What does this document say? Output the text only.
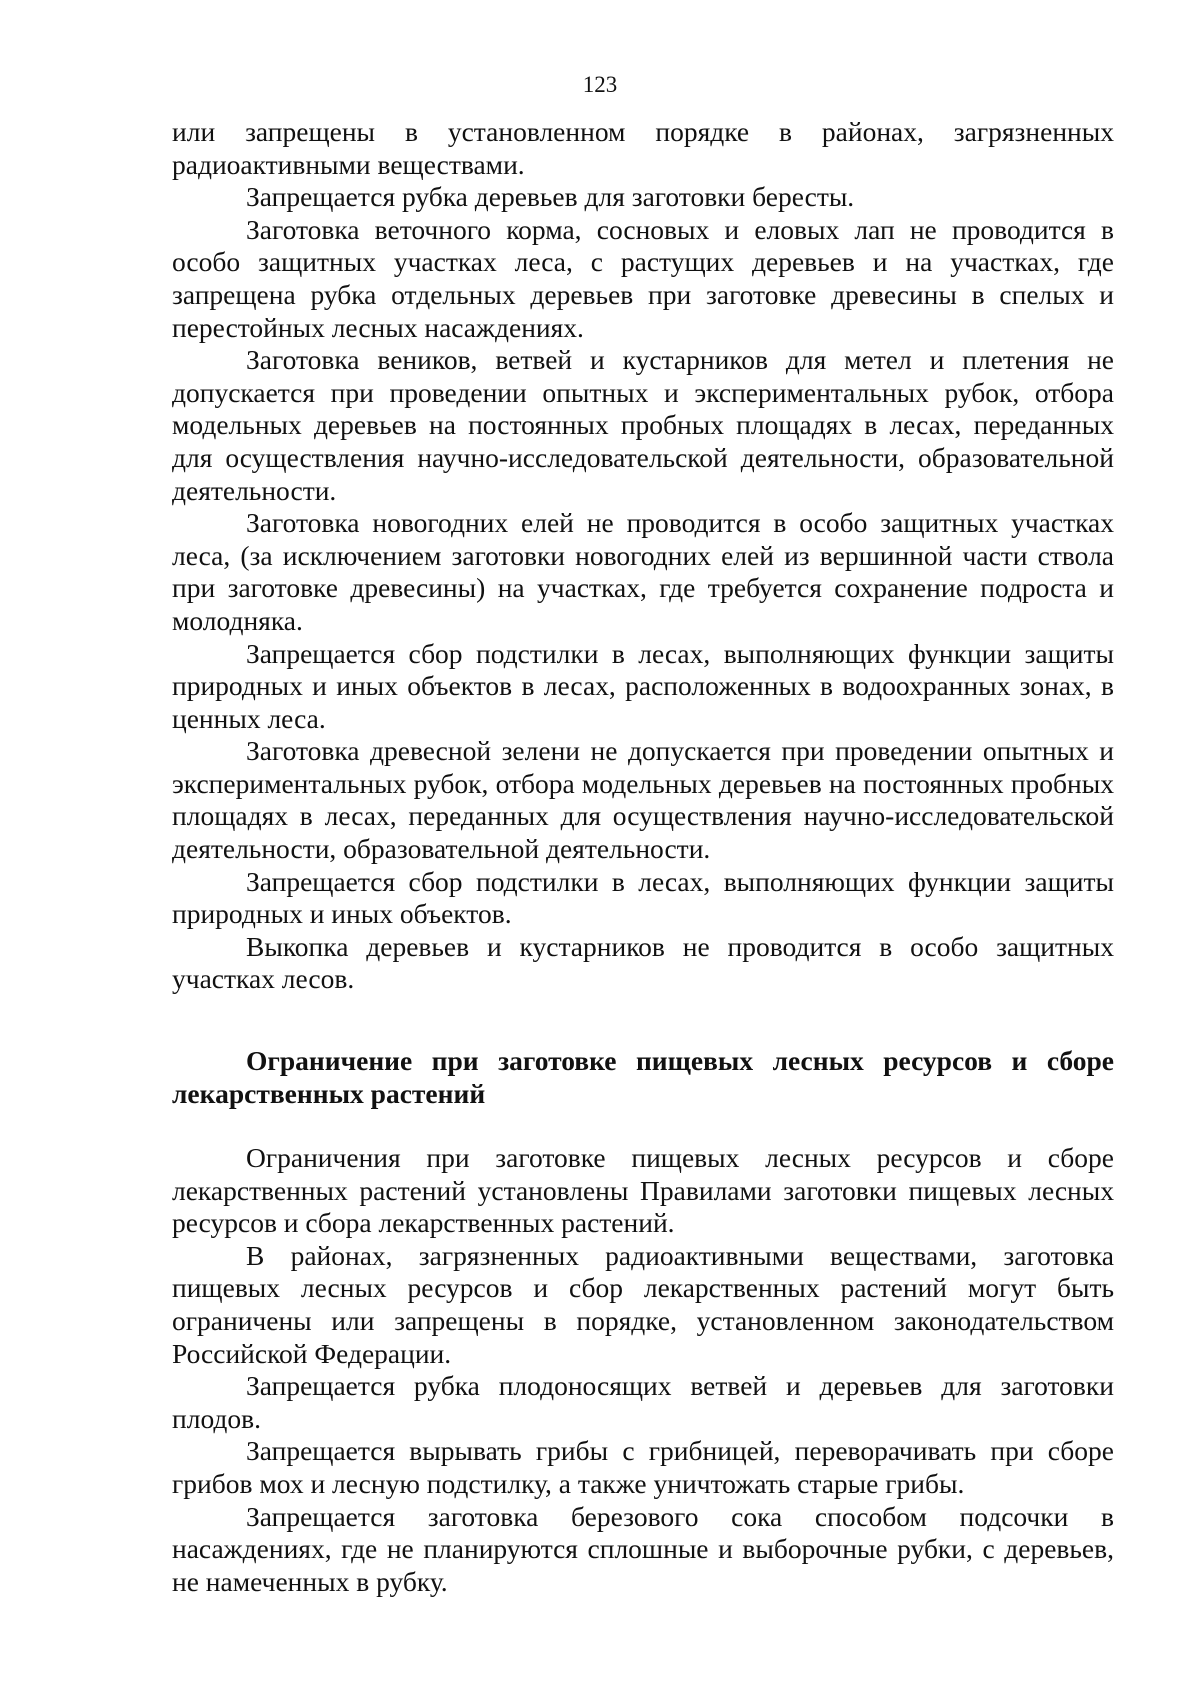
123

или запрещены в установленном порядке в районах, загрязненных радиоактивными веществами.

Запрещается рубка деревьев для заготовки бересты.

Заготовка веточного корма, сосновых и еловых лап не проводится в особо защитных участках леса, с растущих деревьев и на участках, где запрещена рубка отдельных деревьев при заготовке древесины в спелых и перестойных лесных насаждениях.

Заготовка веников, ветвей и кустарников для метел и плетения не допускается при проведении опытных и экспериментальных рубок, отбора модельных деревьев на постоянных пробных площадях в лесах, переданных для осуществления научно-исследовательской деятельности, образовательной деятельности.

Заготовка новогодних елей не проводится в особо защитных участках леса, (за исключением заготовки новогодних елей из вершинной части ствола при заготовке древесины) на участках, где требуется сохранение подроста и молодняка.

Запрещается сбор подстилки в лесах, выполняющих функции защиты природных и иных объектов в лесах, расположенных в водоохранных зонах, в ценных леса.

Заготовка древесной зелени не допускается при проведении опытных и экспериментальных рубок, отбора модельных деревьев на постоянных пробных площадях в лесах, переданных для осуществления научно-исследовательской деятельности, образовательной деятельности.

Запрещается сбор подстилки в лесах, выполняющих функции защиты природных и иных объектов.

Выкопка деревьев и кустарников не проводится в особо защитных участках лесов.

Ограничение при заготовке пищевых лесных ресурсов и сборе лекарственных растений

Ограничения при заготовке пищевых лесных ресурсов и сборе лекарственных растений установлены Правилами заготовки пищевых лесных ресурсов и сбора лекарственных растений.

В районах, загрязненных радиоактивными веществами, заготовка пищевых лесных ресурсов и сбор лекарственных растений могут быть ограничены или запрещены в порядке, установленном законодательством Российской Федерации.

Запрещается рубка плодоносящих ветвей и деревьев для заготовки плодов.

Запрещается вырывать грибы с грибницей, переворачивать при сборе грибов мох и лесную подстилку, а также уничтожать старые грибы.

Запрещается заготовка березового сока способом подсочки в насаждениях, где не планируются сплошные и выборочные рубки, с деревьев, не намеченных в рубку.
